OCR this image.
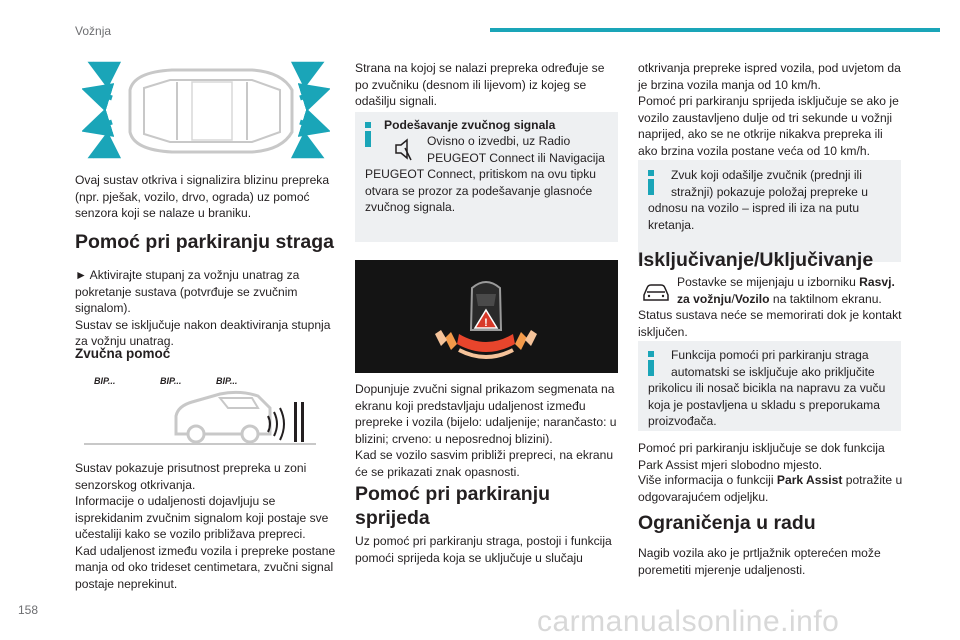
Vožnja

Ovaj sustav otkriva i signalizira blizinu prepreka (npr. pješak, vozilo, drvo, ograda) uz pomoć senzora koji se nalaze u braniku.

Pomoć pri parkiranju straga

► Aktivirajte stupanj za vožnju unatrag za pokretanje sustava (potvrđuje se zvučnim signalom).
Sustav se isključuje nakon deaktiviranja stupnja za vožnju unatrag.

Zvučna pomoć
BIP...	BIP...	BIP...

Sustav pokazuje prisutnost prepreka u zoni senzorskog otkrivanja.
Informacije o udaljenosti dojavljuju se isprekidanim zvučnim signalom koji postaje sve učestaliji kako se vozilo približava prepreci.
Kad udaljenost između vozila i prepreke postane manja od oko trideset centimetara, zvučni signal postaje neprekinut.

158

Strana na kojoj se nalazi prepreka određuje se po zvučniku (desnom ili lijevom) iz kojeg se odašilju signali.

Podešavanje zvučnog signala

Ovisno o izvedbi, uz Radio PEUGEOT Connect ili Navigacija

PEUGEOT Connect, pritiskom na ovu tipku otvara se prozor za podešavanje glasnoće zvučnog signala.

!

Dopunjuje zvučni signal prikazom segmenata na ekranu koji predstavljaju udaljenost između prepreke i vozila (bijelo: udaljenije; narančasto: u blizini; crveno: u neposrednoj blizini).
Kad se vozilo sasvim približi prepreci, na ekranu će se prikazati znak opasnosti.

Pomoć pri parkiranju sprijeda

Uz pomoć pri parkiranju straga, postoji i funkcija pomoći sprijeda koja se uključuje u slučaju

otkrivanja prepreke ispred vozila, pod uvjetom da je brzina vozila manja od 10 km/h.
Pomoć pri parkiranju sprijeda isključuje se ako je vozilo zaustavljeno dulje od tri sekunde u vožnji naprijed, ako se ne otkrije nikakva prepreka ili ako brzina vozila postane veća od 10 km/h.

Zvuk koji odašilje zvučnik (prednji ili stražnji) pokazuje položaj prepreke u

odnosu na vozilo – ispred ili iza na putu kretanja.

Isključivanje/Uključivanje

Postavke se mijenjaju u izborniku Rasvj. za vožnju/Vozilo na taktilnom ekranu.

Status sustava neće se memorirati dok je kontakt isključen.

Funkcija pomoći pri parkiranju straga automatski se isključuje ako priključite

prikolicu ili nosač bicikla na napravu za vuču koja je postavljena u skladu s preporukama proizvođača.

Pomoć pri parkiranju isključuje se dok funkcija Park Assist mjeri slobodno mjesto.

Više informacija o funkciji Park Assist potražite u odgovarajućem odjeljku.

Ograničenja u radu

Nagib vozila ako je prtljažnik opterećen može poremetiti mjerenje udaljenosti.

carmanualsonline.info
